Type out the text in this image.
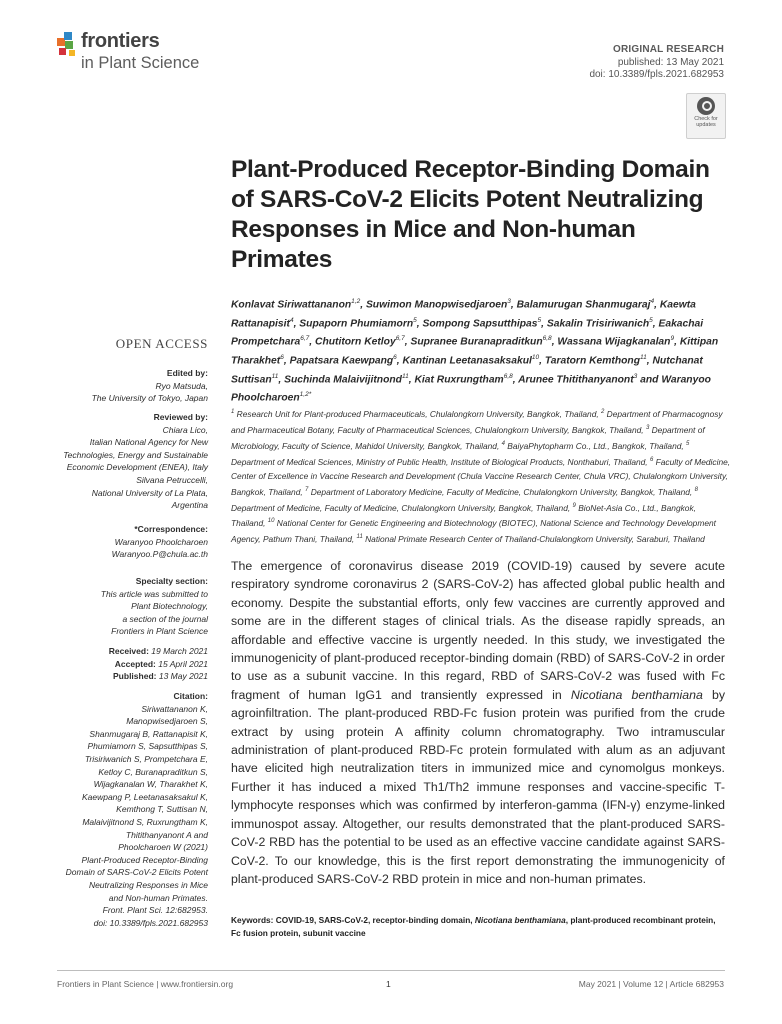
frontiers
in Plant Science
ORIGINAL RESEARCH
published: 13 May 2021
doi: 10.3389/fpls.2021.682953
Check for
updates
Plant-Produced Receptor-Binding Domain of SARS-CoV-2 Elicits Potent Neutralizing Responses in Mice and Non-human Primates
Konlavat Siriwattananon$^{1,2}$, Suwimon Manopwisedjaroen$^3$, Balamurugan Shanmugaraj$^4$, Kaewta Rattanapisit$^4$, Supaporn Phumiamorn$^5$, Sompong Sapsutthipas$^5$, Sakalin Trisiriwanich$^5$, Eakachai Prompetchara$^{6,7}$, Chutitorn Ketloy$^{6,7}$, Supranee Buranapraditkun$^{6,8}$, Wassana Wijagkanalan$^9$, Kittipan Tharakhet$^6$, Papatsara Kaewpang$^6$, Kantinan Leetanasaksakul$^{10}$, Taratorn Kemthong$^{11}$, Nutchanat Suttisan$^{11}$, Suchinda Malaivijitnond$^{11}$, Kiat Ruxrungtham$^{6,8}$, Arunee Thitithanyanont$^3$ and Waranyoo Phoolcharoen$^{1,2*}$
$^1$ Research Unit for Plant-produced Pharmaceuticals, Chulalongkorn University, Bangkok, Thailand, $^2$ Department of Pharmacognosy and Pharmaceutical Botany, Faculty of Pharmaceutical Sciences, Chulalongkorn University, Bangkok, Thailand, $^3$ Department of Microbiology, Faculty of Science, Mahidol University, Bangkok, Thailand, $^4$ BaiyaPhytopharm Co., Ltd., Bangkok, Thailand, $^5$ Department of Medical Sciences, Ministry of Public Health, Institute of Biological Products, Nonthaburi, Thailand, $^6$ Faculty of Medicine, Center of Excellence in Vaccine Research and Development (Chula Vaccine Research Center, Chula VRC), Chulalongkorn University, Bangkok, Thailand, $^7$ Department of Laboratory Medicine, Faculty of Medicine, Chulalongkorn University, Bangkok, Thailand, $^8$ Department of Medicine, Faculty of Medicine, Chulalongkorn University, Bangkok, Thailand, $^9$ BioNet-Asia Co., Ltd., Bangkok, Thailand, $^{10}$ National Center for Genetic Engineering and Biotechnology (BIOTEC), National Science and Technology Development Agency, Pathum Thani, Thailand, $^{11}$ National Primate Research Center of Thailand-Chulalongkorn University, Saraburi, Thailand
OPEN ACCESS
Edited by:
Ryo Matsuda,
The University of Tokyo, Japan
Reviewed by:
Chiara Lico,
Italian National Agency for New
Technologies, Energy and Sustainable
Economic Development (ENEA), Italy
Silvana Petruccelli,
National University of La Plata,
Argentina
*Correspondence:
Waranyoo Phoolcharoen
Waranyoo.P@chula.ac.th
Specialty section:
This article was submitted to
Plant Biotechnology,
a section of the journal
Frontiers in Plant Science
Received: 19 March 2021
Accepted: 15 April 2021
Published: 13 May 2021
Citation:
Siriwattananon K,
Manopwisedjaroen S,
Shanmugaraj B, Rattanapisit K,
Phumiamorn S, Sapsutthipas S,
Trisiriwanich S, Prompetchara E,
Ketloy C, Buranapraditkun S,
Wijagkanalan W, Tharakhet K,
Kaewpang P, Leetanasaksakul K,
Kemthong T, Suttisan N,
Malaivijitnond S, Ruxrungtham K,
Thitithanyanont A and
Phoolcharoen W (2021)
Plant-Produced Receptor-Binding
Domain of SARS-CoV-2 Elicits Potent
Neutralizing Responses in Mice
and Non-human Primates.
Front. Plant Sci. 12:682953.
doi: 10.3389/fpls.2021.682953
The emergence of coronavirus disease 2019 (COVID-19) caused by severe acute respiratory syndrome coronavirus 2 (SARS-CoV-2) has affected global public health and economy. Despite the substantial efforts, only few vaccines are currently approved and some are in the different stages of clinical trials. As the disease rapidly spreads, an affordable and effective vaccine is urgently needed. In this study, we investigated the immunogenicity of plant-produced receptor-binding domain (RBD) of SARS-CoV-2 in order to use as a subunit vaccine. In this regard, RBD of SARS-CoV-2 was fused with Fc fragment of human IgG1 and transiently expressed in Nicotiana benthamiana by agroinfiltration. The plant-produced RBD-Fc fusion protein was purified from the crude extract by using protein A affinity column chromatography. Two intramuscular administration of plant-produced RBD-Fc protein formulated with alum as an adjuvant have elicited high neutralization titers in immunized mice and cynomolgus monkeys. Further it has induced a mixed Th1/Th2 immune responses and vaccine-specific T-lymphocyte responses which was confirmed by interferon-gamma (IFN-γ) enzyme-linked immunospot assay. Altogether, our results demonstrated that the plant-produced SARS-CoV-2 RBD has the potential to be used as an effective vaccine candidate against SARS-CoV-2. To our knowledge, this is the first report demonstrating the immunogenicity of plant-produced SARS-CoV-2 RBD protein in mice and non-human primates.
Keywords: COVID-19, SARS-CoV-2, receptor-binding domain, Nicotiana benthamiana, plant-produced recombinant protein, Fc fusion protein, subunit vaccine
Frontiers in Plant Science | www.frontiersin.org	1	May 2021 | Volume 12 | Article 682953
